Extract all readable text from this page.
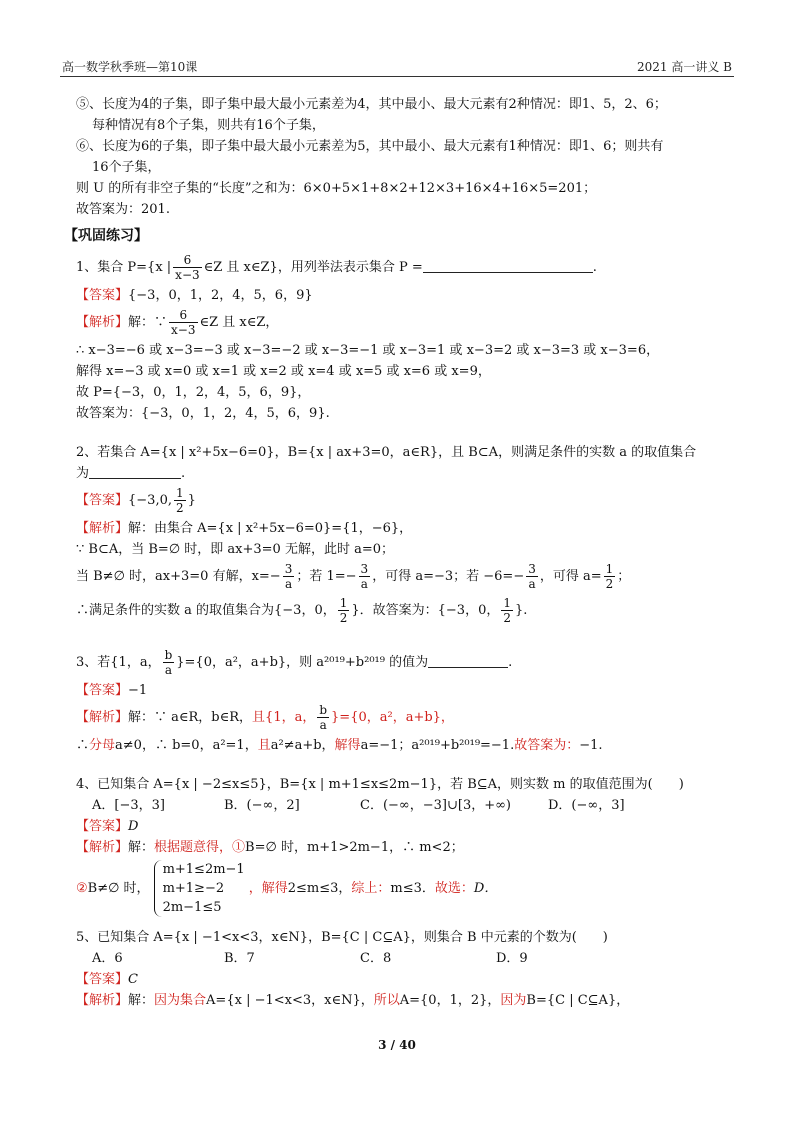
高一数学秋季班—第10课	2021 高一讲义 B
⑤、长度为4的子集，即子集中最大最小元素差为4，其中最小、最大元素有2种情况：即1、5，2、6；
每种情况有8个子集，则共有16个子集，
⑥、长度为6的子集，即子集中最大最小元素差为5，其中最小、最大元素有1种情况：即1、6；则共有
16个子集，
则 U 的所有非空子集的“长度”之和为：6×0+5×1+8×2+12×3+16×4+16×5=201；
故答案为：201.
【巩固练习】
1、集合 P={x | $\frac{6}{x-3}$ ∈Z 且 x∈Z}，用列举法表示集合 P =	.
【答案】{−3，0，1，2，4，5，6，9}
【解析】解：∵ $\frac{6}{x-3}$ ∈Z 且 x∈Z，
∴ x−3=−6 或 x−3=−3 或 x−3=−2 或 x−3=−1 或 x−3=1 或 x−3=2 或 x−3=3 或 x−3=6，
解得 x=−3 或 x=0 或 x=1 或 x=2 或 x=4 或 x=5 或 x=6 或 x=9，
故 P={−3，0，1，2，4，5，6，9}，
故答案为：{−3，0，1，2，4，5，6，9}.
2、若集合 A={x | x²+5x−6=0}，B={x | ax+3=0，a∈R}，且 B⊂A，则满足条件的实数 a 的取值集合
为	.
【答案】{−3,0, $\frac{1}{2}$ }
【解析】解：由集合 A={x | x²+5x−6=0}={1，−6}，
∵ B⊂A，当 B=∅ 时，即 ax+3=0 无解，此时 a=0；
当 B≠∅ 时，ax+3=0 有解，$x=- \frac{3}{a}$ ；若 $1=- \frac{3}{a}$ ，可得 a=−3；若 $-6=- \frac{3}{a}$ ，可得 $a= \frac{1}{2}$ ；
∴满足条件的实数 a 的取值集合为{−3，0， $\frac{1}{2}$ }．故答案为：{−3，0， $\frac{1}{2}$ }.
3、若{1，a， $\frac{b}{a} \}=\{0$，a²，a+b}，则 a²⁰¹⁹+b²⁰¹⁹ 的值为	.
【答案】−1
【解析】解：∵ a∈R，b∈R，且{1，a， $\frac{b}{a} \}=\{0$，a²，a+b}，
∴分母a≠0，∴ b=0，a²=1，且a²≠a+b，解得a=−1；a²⁰¹⁹+b²⁰¹⁹=−1.故答案为：−1.
4、已知集合 A={x | −2≤x≤5}，B={x | m+1≤x≤2m−1}，若 B⊆A，则实数 m 的取值范围为(　　)
A．[−3，3]	B．(−∞，2]	C．(−∞，−3]∪[3，+∞)	D．(−∞，3]
【答案】D
【解析】解：根据题意得，①B=∅ 时，m+1>2m−1，∴ m<2；
②B≠∅ 时，
m+1≤2m−1
m+1≥−2
2m−1≤5
，解得2≤m≤3，综上：m≤3．故选：D．
5、已知集合 A={x | −1<x<3，x∈N}，B={C | C⊆A}，则集合 B 中元素的个数为(　　)
A．6	B．7	C．8	D．9
【答案】C
【解析】解：因为集合A={x | −1<x<3，x∈N}，所以A={0，1，2}，因为B={C | C⊆A}，
3 / 40
